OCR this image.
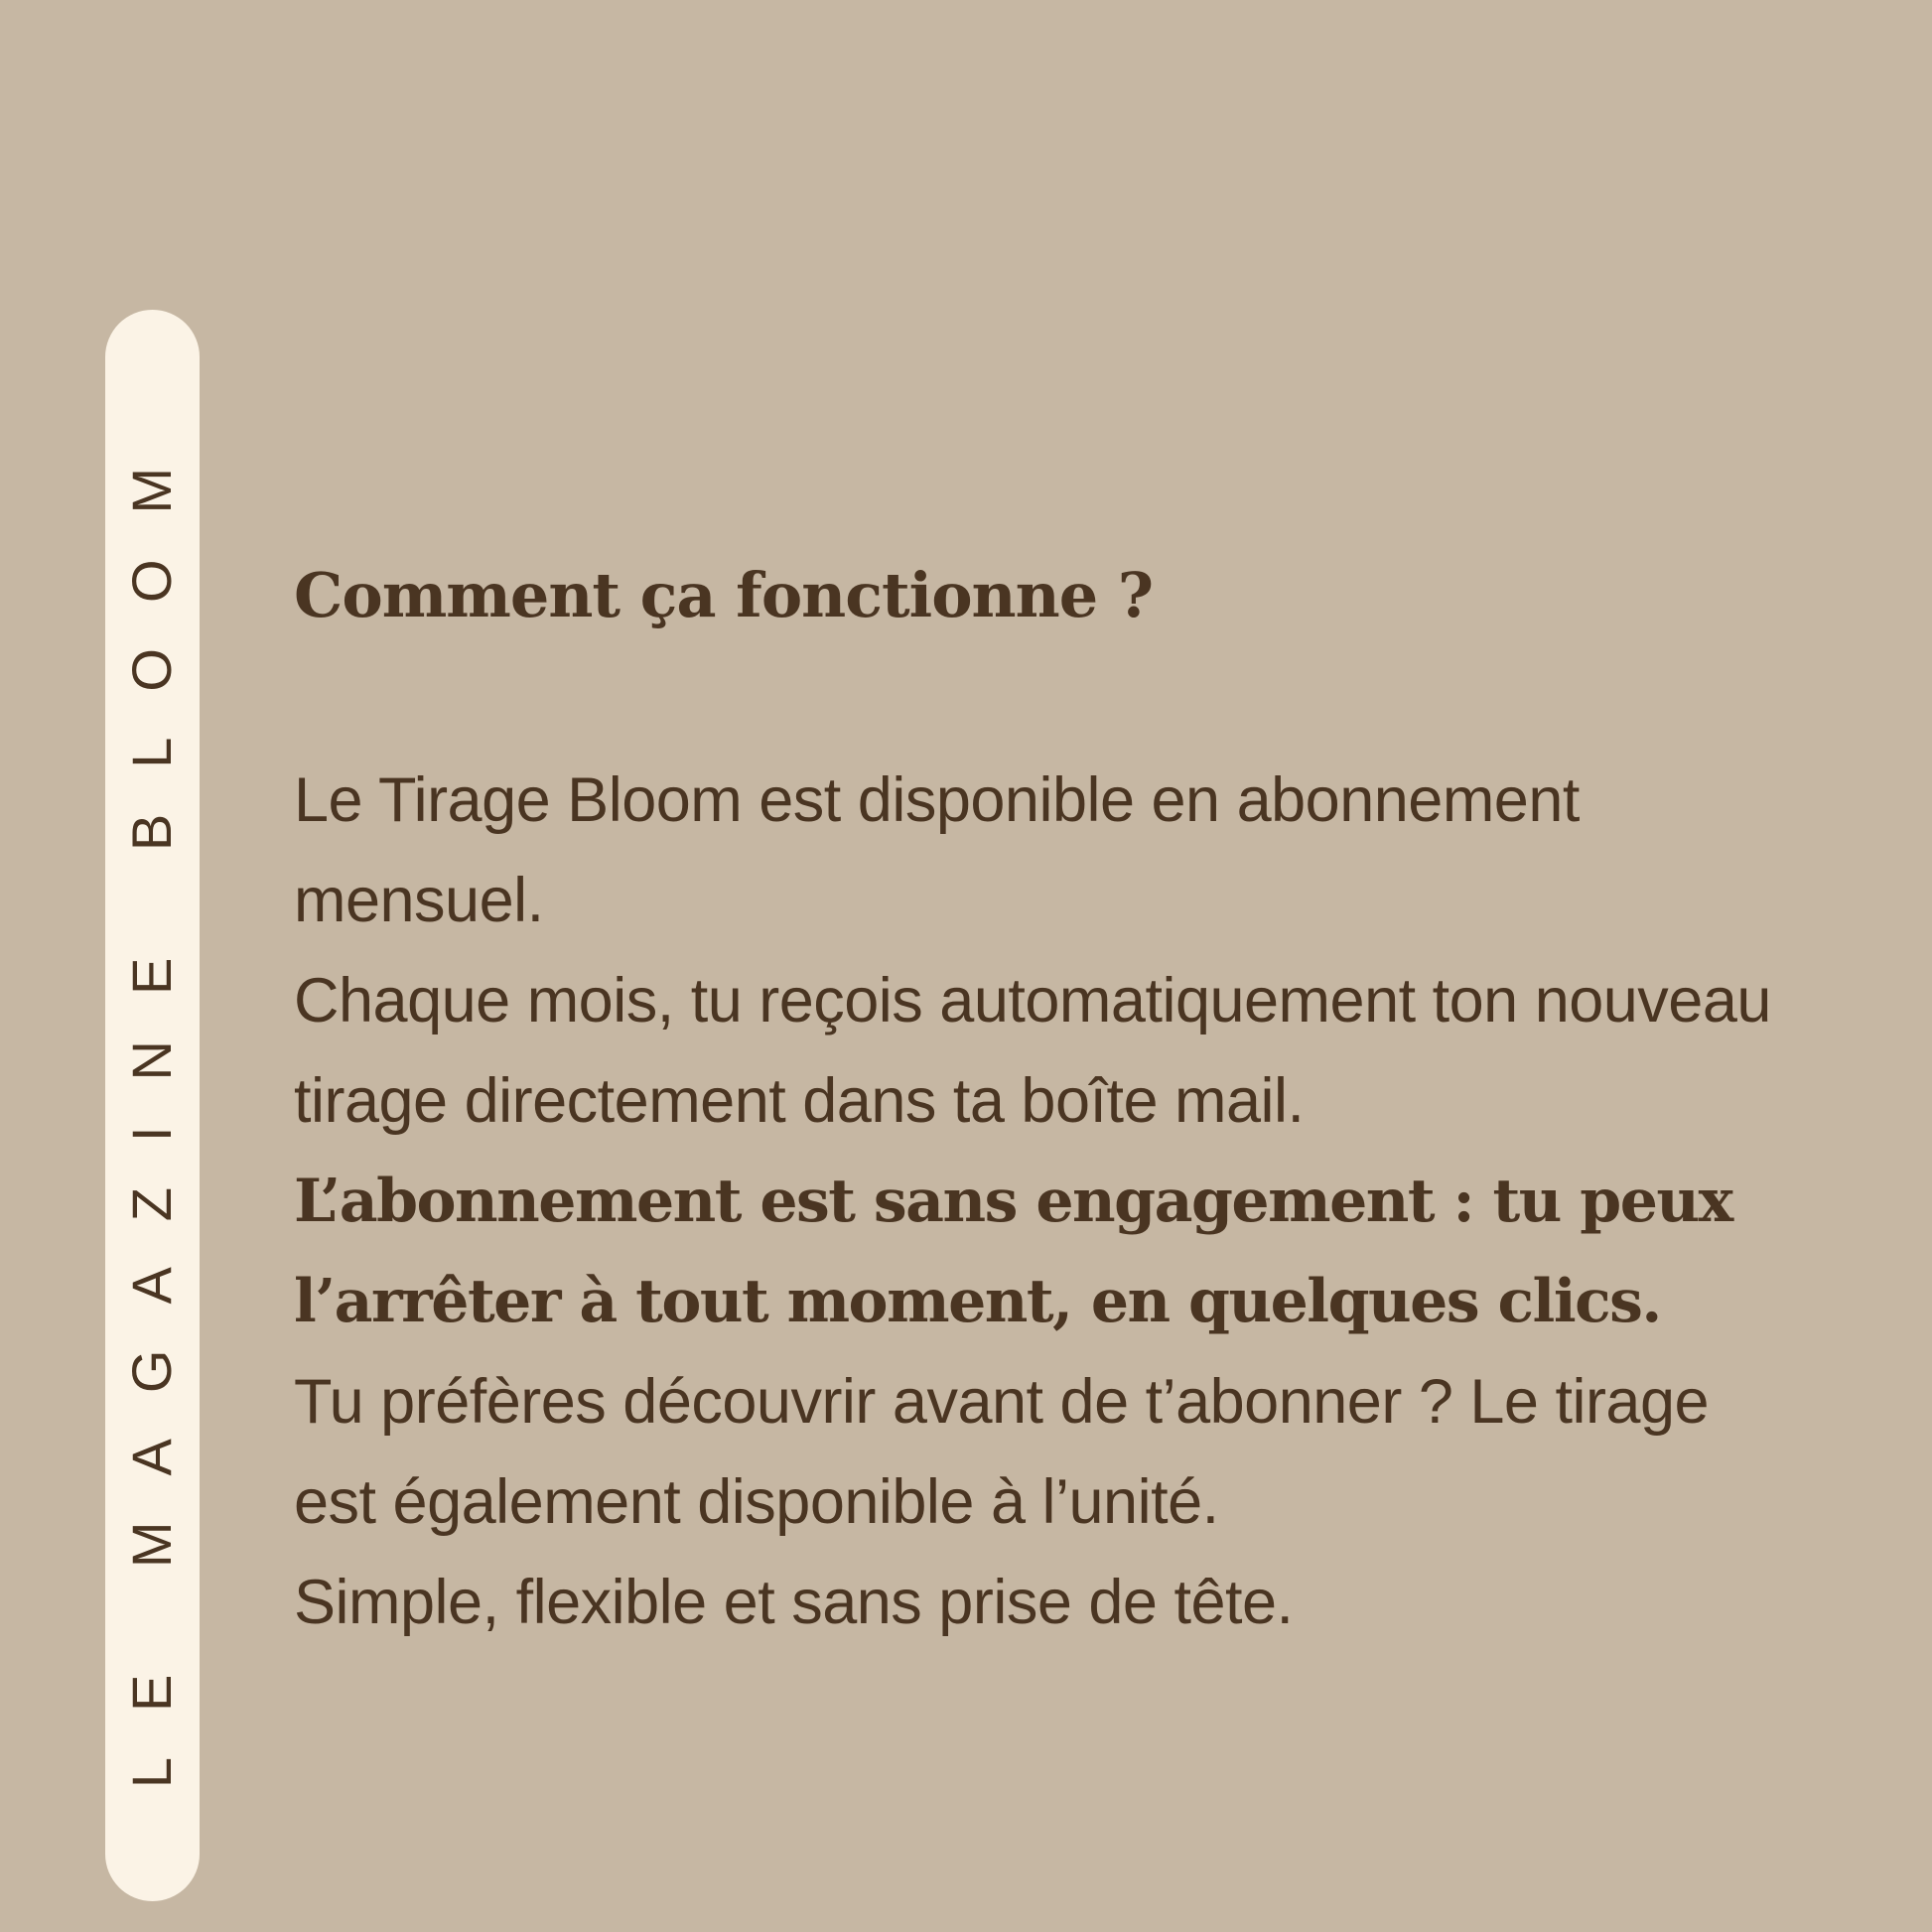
LE MAGAZINE BLOOM Comment ça fonctionne ?

Le Tirage Bloom est disponible en abonnement mensuel.

Chaque mois, tu reçois automatiquement ton nouveau tirage directement dans ta boîte mail.

L’abonnement est sans engagement : tu peux l’arrêter à tout moment, en quelques clics.

Tu préfères découvrir avant de t’abonner ? Le tirage est également disponible à l’unité.

Simple, flexible et sans prise de tête.
